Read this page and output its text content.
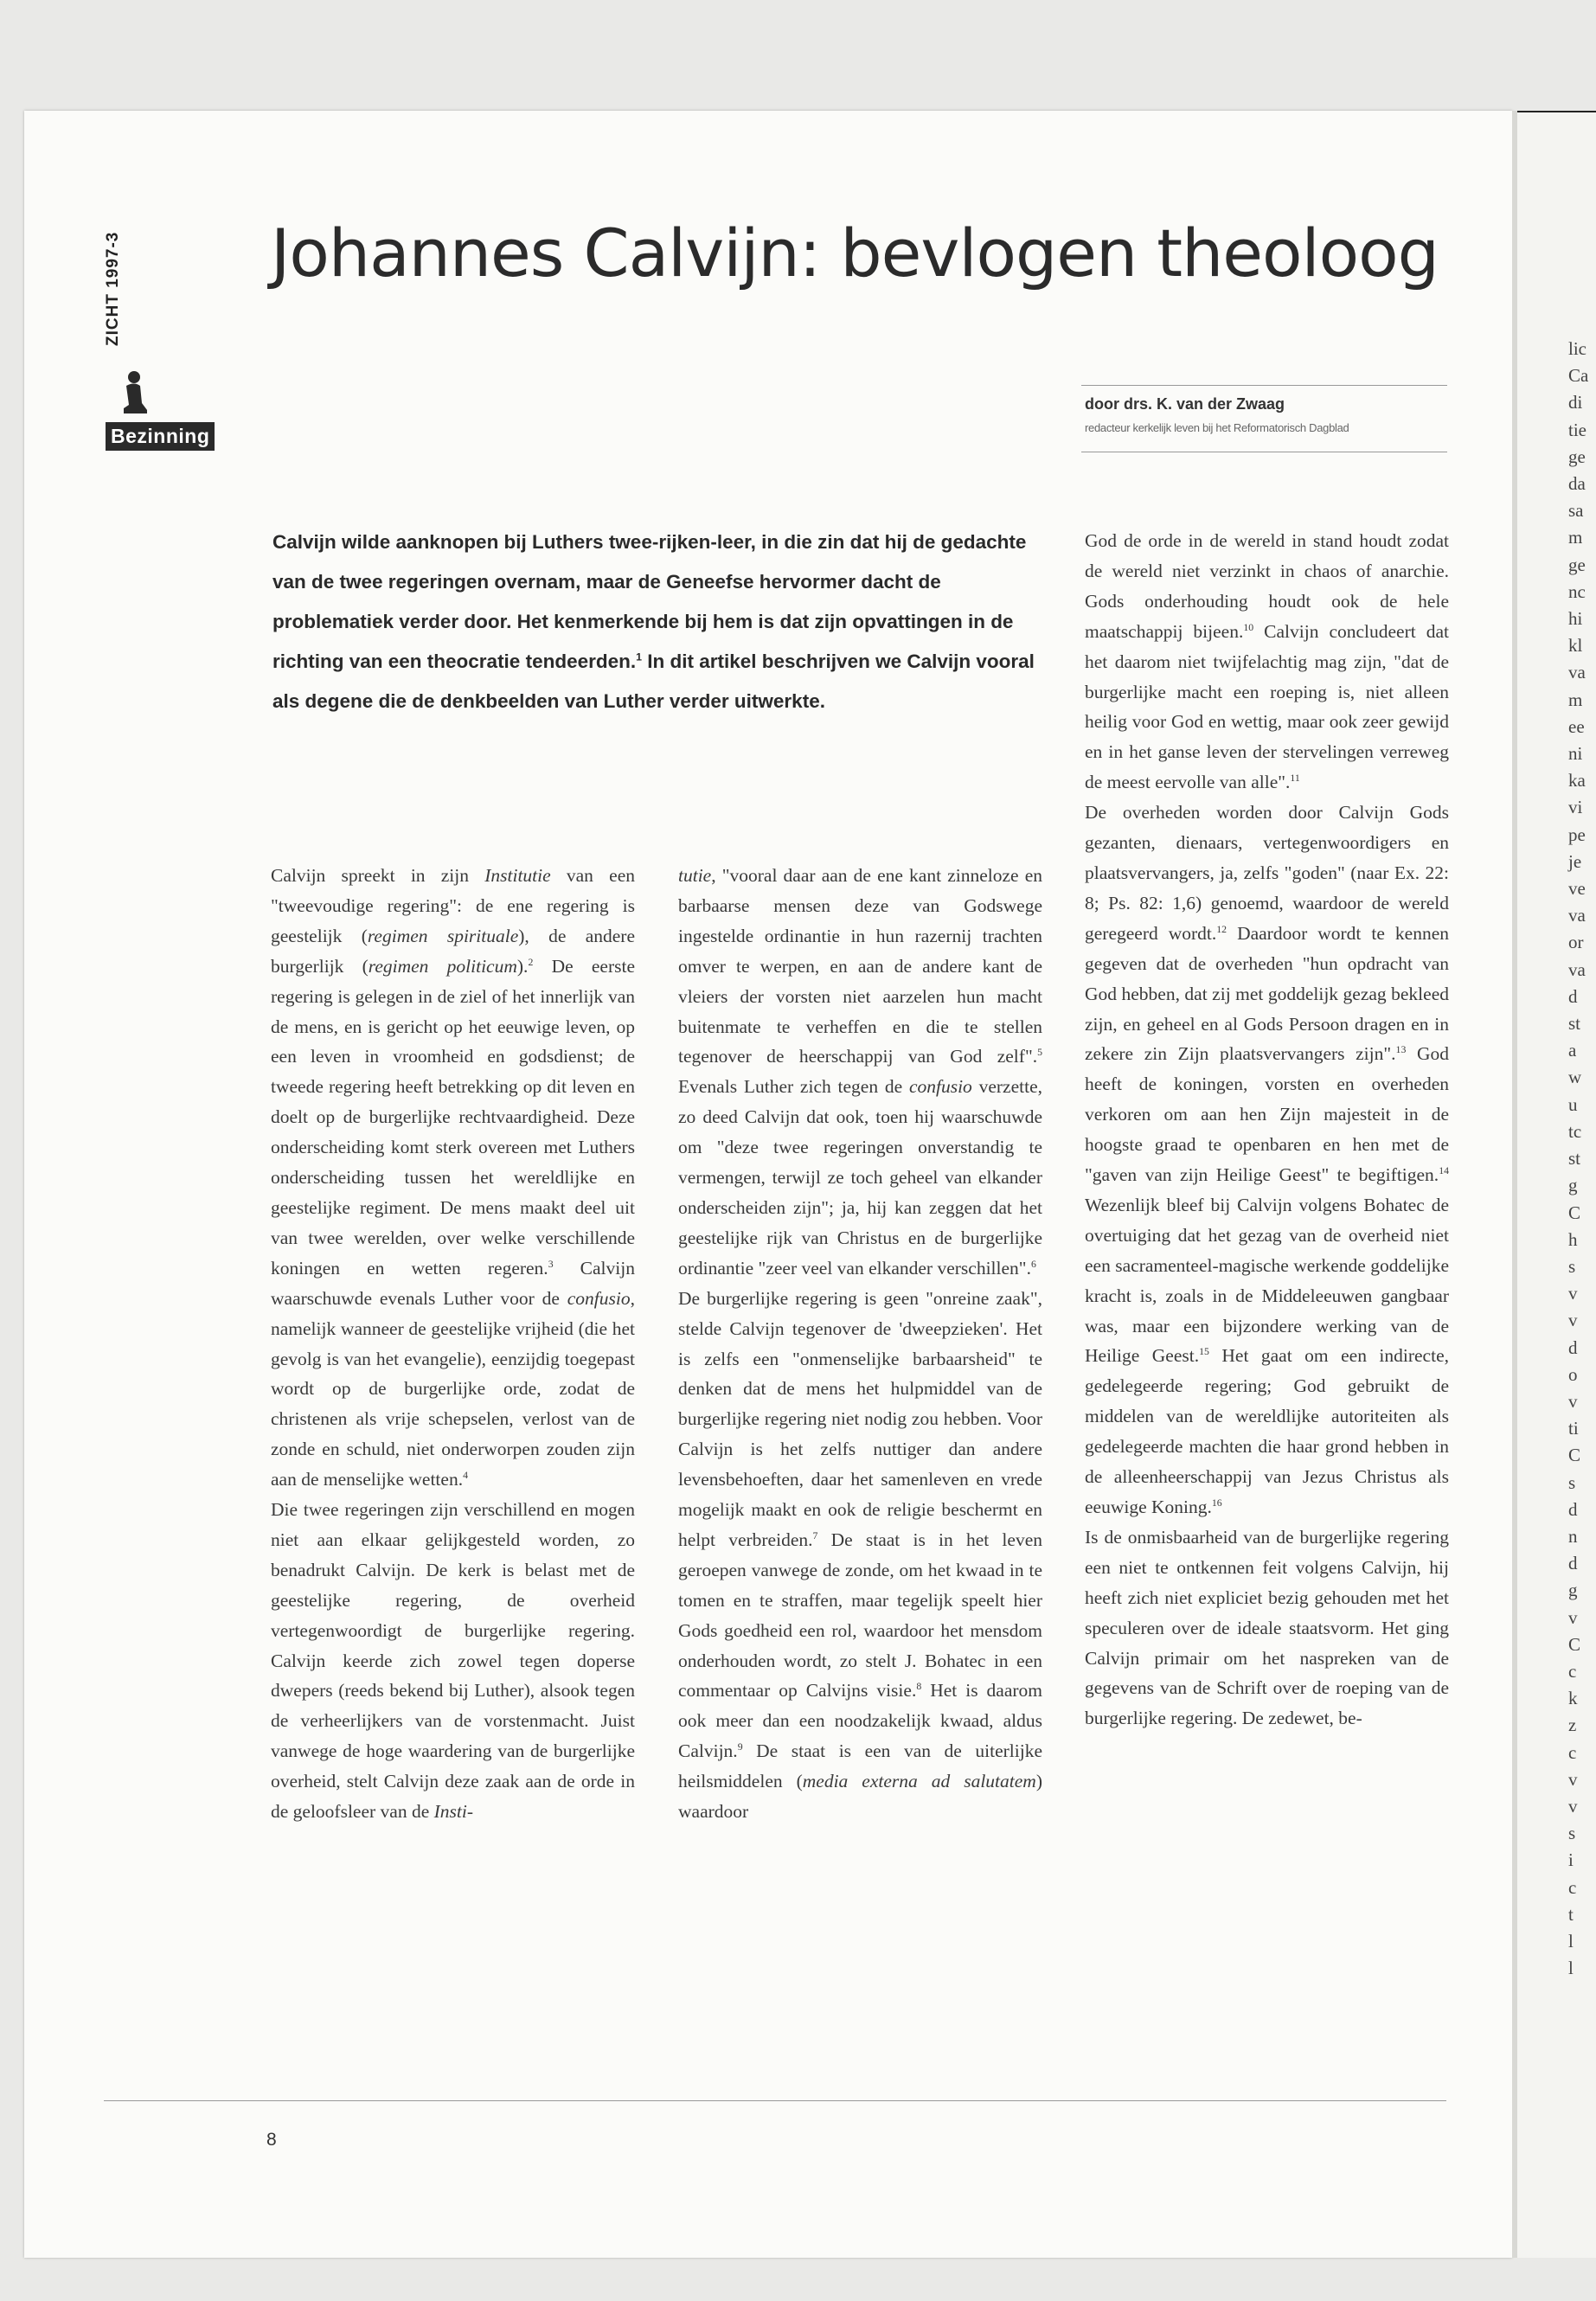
lic
Ca
di
tie
ge
da
sa
m
ge
nc
hi
kl
va
m
ee
ni
ka
vi
pe
je
ve
va
or
va
d
st
a
w
u
tc
st
g
C
h
s
v
v
d
o
v
ti
C
s
d
n
d
g
v
C
c
k
z
c
v
v
s
i
c
t
l
l
ZICHT 1997-3
Bezinning
Johannes Calvijn: bevlogen theoloog
door drs. K. van der Zwaag
redacteur kerkelijk leven bij het Reformatorisch Dagblad

Calvijn wilde aanknopen bij Luthers twee-rijken-leer, in die zin dat hij de gedachte van de twee regeringen overnam, maar de Geneefse hervormer dacht de problematiek verder door. Het kenmerkende bij hem is dat zijn opvattingen in de richting van een theocratie tendeerden.$^1$ In dit artikel beschrijven we Calvijn vooral als degene die de denkbeelden van Luther verder uitwerkte.

Calvijn spreekt in zijn Institutie van een "tweevoudige regering": de ene regering is geestelijk (regimen spirituale), de andere burgerlijk (regimen politicum).$^2$ De eerste regering is gelegen in de ziel of het innerlijk van de mens, en is gericht op het eeuwige leven, op een leven in vroomheid en godsdienst; de tweede regering heeft betrekking op dit leven en doelt op de burgerlijke rechtvaardigheid. Deze onderscheiding komt sterk overeen met Luthers onderscheiding tussen het wereldlijke en geestelijke regiment. De mens maakt deel uit van twee werelden, over welke verschillende koningen en wetten regeren.$^3$ Calvijn waarschuwde evenals Luther voor de confusio, namelijk wanneer de geestelijke vrijheid (die het gevolg is van het evangelie), eenzijdig toegepast wordt op de burgerlijke orde, zodat de christenen als vrije schepselen, verlost van de zonde en schuld, niet onderworpen zouden zijn aan de menselijke wetten.$^4$

Die twee regeringen zijn verschillend en mogen niet aan elkaar gelijkgesteld worden, zo benadrukt Calvijn. De kerk is belast met de geestelijke regering, de overheid vertegenwoordigt de burgerlijke regering. Calvijn keerde zich zowel tegen doperse dwepers (reeds bekend bij Luther), alsook tegen de verheerlijkers van de vorstenmacht. Juist vanwege de hoge waardering van de burgerlijke overheid, stelt Calvijn deze zaak aan de orde in de geloofsleer van de Insti-

tutie, "vooral daar aan de ene kant zinneloze en barbaarse mensen deze van Godswege ingestelde ordinantie in hun razernij trachten omver te werpen, en aan de andere kant de vleiers der vorsten niet aarzelen hun macht buitenmate te verheffen en die te stellen tegenover de heerschappij van God zelf".$^5$ Evenals Luther zich tegen de confusio verzette, zo deed Calvijn dat ook, toen hij waarschuwde om "deze twee regeringen onverstandig te vermengen, terwijl ze toch geheel van elkander onderscheiden zijn"; ja, hij kan zeggen dat het geestelijke rijk van Christus en de burgerlijke ordinantie "zeer veel van elkander verschillen".$^6$

De burgerlijke regering is geen "onreine zaak", stelde Calvijn tegenover de 'dweepzieken'. Het is zelfs een "onmenselijke barbaarsheid" te denken dat de mens het hulpmiddel van de burgerlijke regering niet nodig zou hebben. Voor Calvijn is het zelfs nuttiger dan andere levensbehoeften, daar het samenleven en vrede mogelijk maakt en ook de religie beschermt en helpt verbreiden.$^7$ De staat is in het leven geroepen vanwege de zonde, om het kwaad in te tomen en te straffen, maar tegelijk speelt hier Gods goedheid een rol, waardoor het mensdom onderhouden wordt, zo stelt J. Bohatec in een commentaar op Calvijns visie.$^8$ Het is daarom ook meer dan een noodzakelijk kwaad, aldus Calvijn.$^9$ De staat is een van de uiterlijke heilsmiddelen (media externa ad salutatem) waardoor

God de orde in de wereld in stand houdt zodat de wereld niet verzinkt in chaos of anarchie. Gods onderhouding houdt ook de hele maatschappij bijeen.$^{10}$ Calvijn concludeert dat het daarom niet twijfelachtig mag zijn, "dat de burgerlijke macht een roeping is, niet alleen heilig voor God en wettig, maar ook zeer gewijd en in het ganse leven der stervelingen verreweg de meest eervolle van alle".$^{11}$

De overheden worden door Calvijn Gods gezanten, dienaars, vertegenwoordigers en plaatsvervangers, ja, zelfs "goden" (naar Ex. 22: 8; Ps. 82: 1,6) genoemd, waardoor de wereld geregeerd wordt.$^{12}$ Daardoor wordt te kennen gegeven dat de overheden "hun opdracht van God hebben, dat zij met goddelijk gezag bekleed zijn, en geheel en al Gods Persoon dragen en in zekere zin Zijn plaatsvervangers zijn".$^{13}$ God heeft de koningen, vorsten en overheden verkoren om aan hen Zijn majesteit in de hoogste graad te openbaren en hen met de "gaven van zijn Heilige Geest" te begiftigen.$^{14}$ Wezenlijk bleef bij Calvijn volgens Bohatec de overtuiging dat het gezag van de overheid niet een sacramenteel-magische werkende goddelijke kracht is, zoals in de Middeleeuwen gangbaar was, maar een bijzondere werking van de Heilige Geest.$^{15}$ Het gaat om een indirecte, gedelegeerde regering; God gebruikt de middelen van de wereldlijke autoriteiten als gedelegeerde machten die haar grond hebben in de alleenheerschappij van Jezus Christus als eeuwige Koning.$^{16}$

Is de onmisbaarheid van de burgerlijke regering een niet te ontkennen feit volgens Calvijn, hij heeft zich niet expliciet bezig gehouden met het speculeren over de ideale staatsvorm. Het ging Calvijn primair om het naspreken van de gegevens van de Schrift over de roeping van de burgerlijke regering. De zedewet, be-

8
